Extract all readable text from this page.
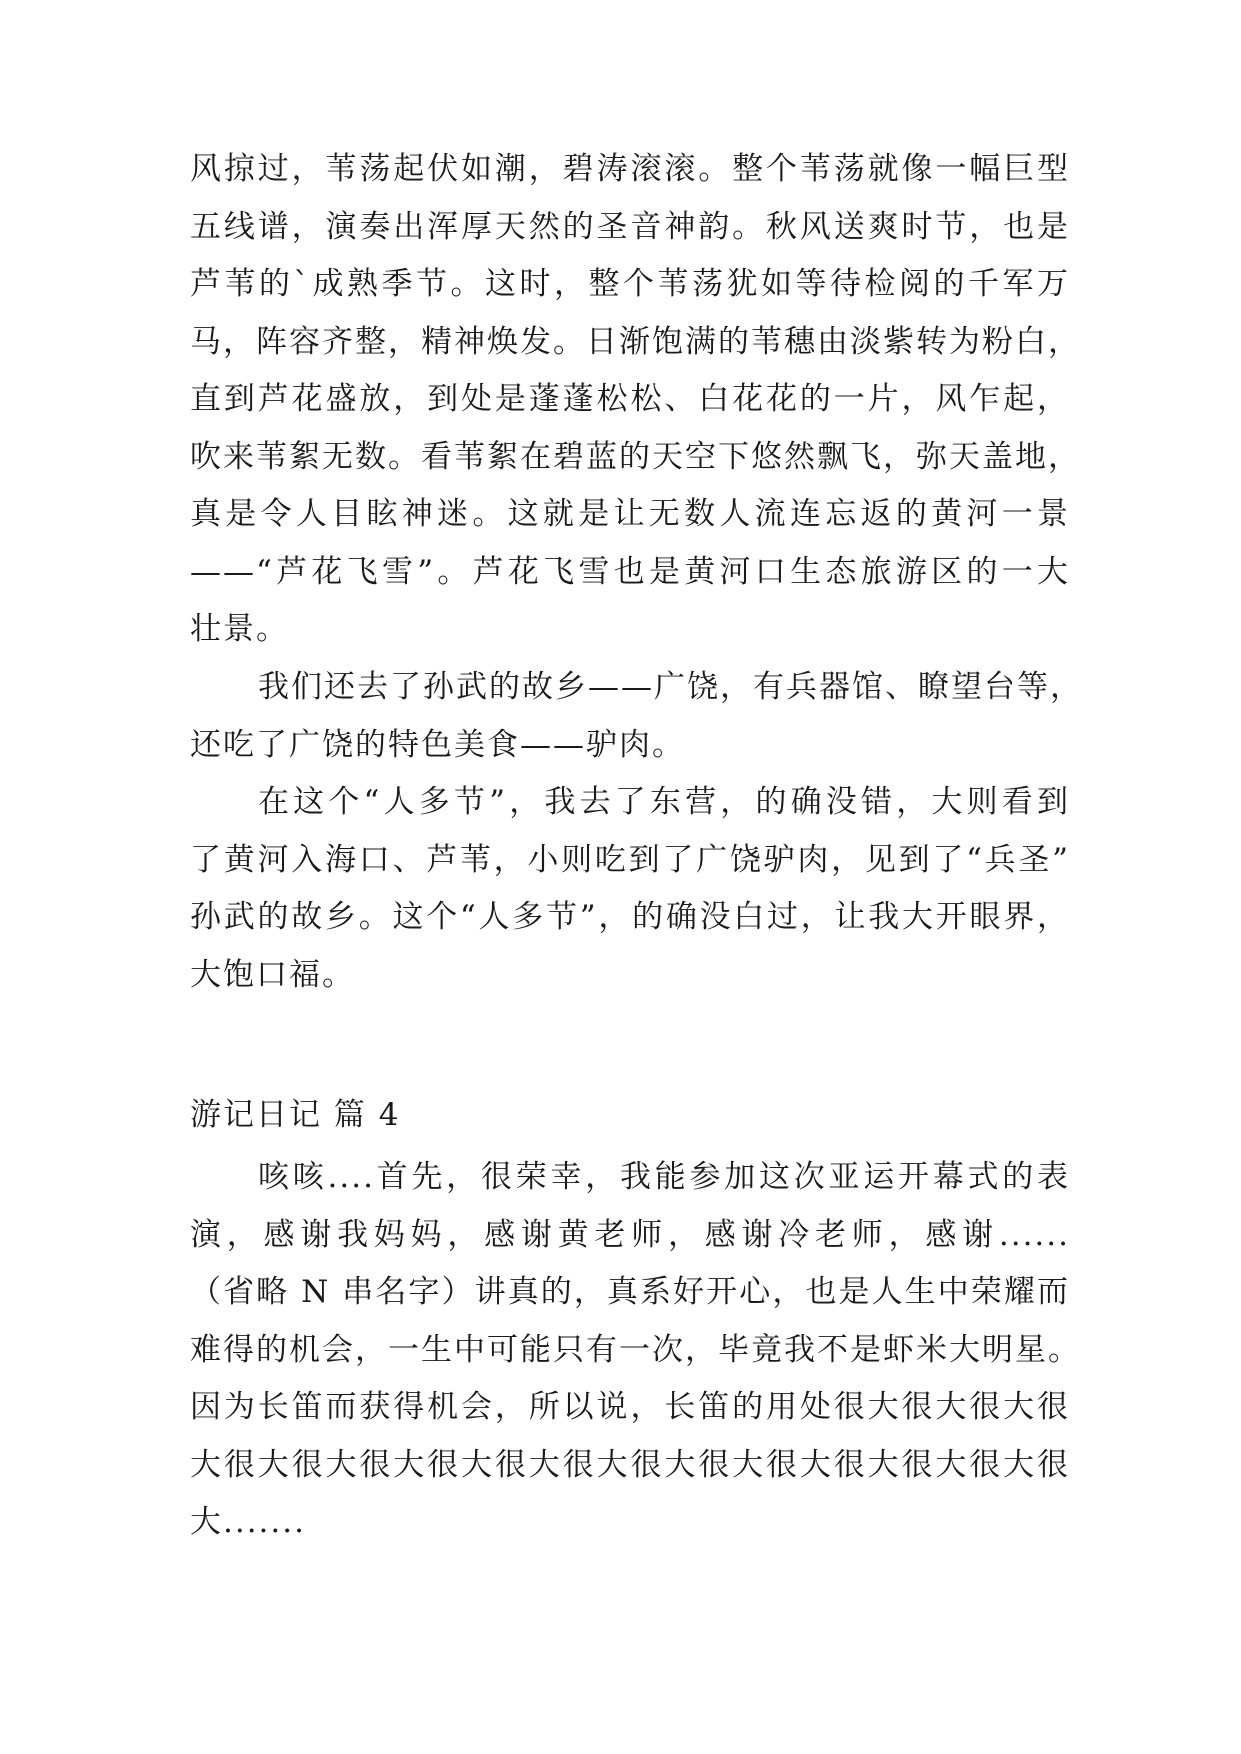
风掠过，苇荡起伏如潮，碧涛滚滚。整个苇荡就像一幅巨型
五线谱，演奏出浑厚天然的圣音神韵。秋风送爽时节，也是
芦苇的`成熟季节。这时，整个苇荡犹如等待检阅的千军万
马，阵容齐整，精神焕发。日渐饱满的苇穗由淡紫转为粉白，
直到芦花盛放，到处是蓬蓬松松、白花花的一片，风乍起，
吹来苇絮无数。看苇絮在碧蓝的天空下悠然飘飞，弥天盖地，
真是令人目眩神迷。这就是让无数人流连忘返的黄河一景
——“芦花飞雪”。芦花飞雪也是黄河口生态旅游区的一大
壮景。
我们还去了孙武的故乡——广饶，有兵器馆、瞭望台等，
还吃了广饶的特色美食——驴肉。
在这个“人多节”，我去了东营，的确没错，大则看到
了黄河入海口、芦苇，小则吃到了广饶驴肉，见到了“兵圣”
孙武的故乡。这个“人多节”，的确没白过，让我大开眼界，
大饱口福。
游记日记 篇 4
咳咳....首先，很荣幸，我能参加这次亚运开幕式的表
演，感谢我妈妈，感谢黄老师，感谢冷老师，感谢......
（省略 N 串名字）讲真的，真系好开心，也是人生中荣耀而
难得的机会，一生中可能只有一次，毕竟我不是虾米大明星。
因为长笛而获得机会，所以说，长笛的用处很大很大很大很
大很大很大很大很大很大很大很大很大很大很大很大很大很
大.......
